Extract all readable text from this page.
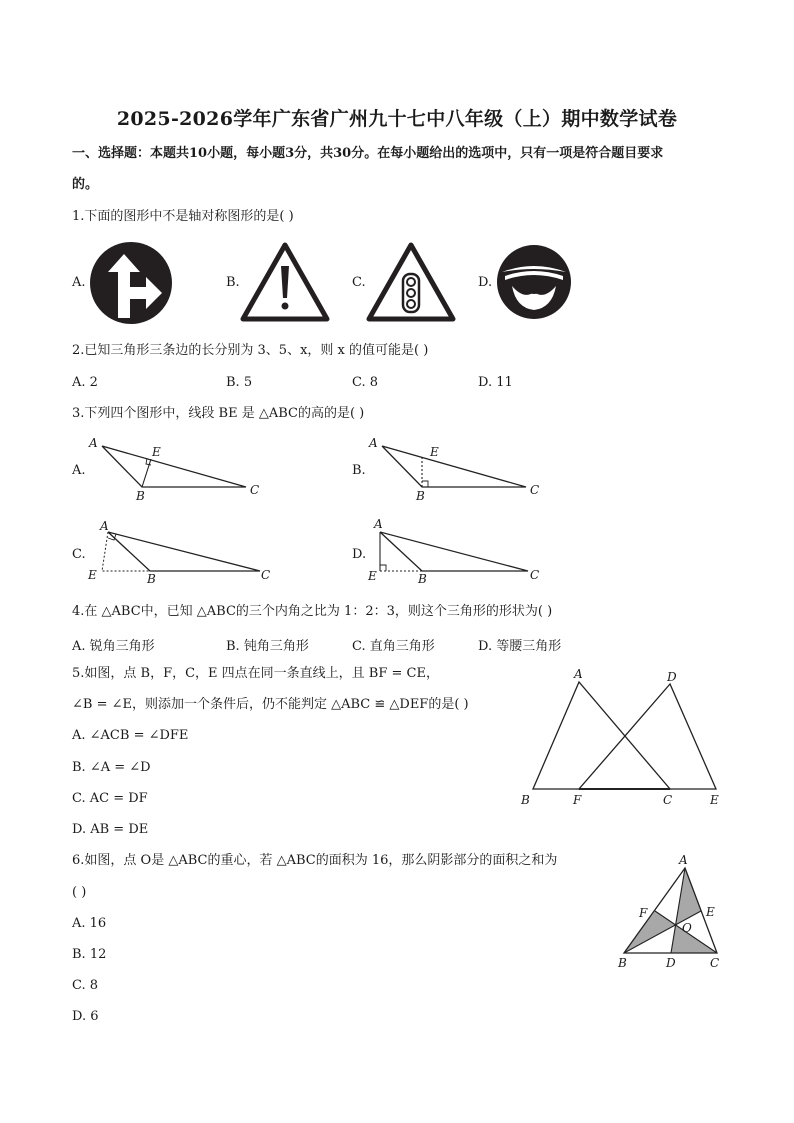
2025-2026学年广东省广州九十七中八年级（上）期中数学试卷
一、选择题：本题共10小题，每小题3分，共30分。在每小题给出的选项中，只有一项是符合题目要求
的。
1.下面的图形中不是轴对称图形的是( )
A.	B.	C.	D.
2.已知三角形三条边的长分别为 3、5、x，则 x 的值可能是( )
A. 2	B. 5	C. 8	D. 11
3.下列四个图形中，线段 BE 是 △ABC的高的是( )
A.	B.
C.	D.
A
E
B	C
A
E
B	C
A
E	B	C
A
E	B	C
4.在 △ABC中，已知 △ABC的三个内角之比为 1：2：3，则这个三角形的形状为( )
A. 锐角三角形	B. 钝角三角形	C. 直角三角形	D. 等腰三角形
5.如图，点 B，F，C，E 四点在同一条直线上，且 BF = CE，
∠B = ∠E，则添加一个条件后，仍不能判定 △ABC ≌ △DEF的是( )
A. ∠ACB = ∠DFE
B. ∠A = ∠D
C. AC = DF
D. AB = DE
A	D
B	F	C	E
6.如图，点 O是 △ABC的重心，若 △ABC的面积为 16，那么阴影部分的面积之和为
( )
A. 16
B. 12
C. 8
D. 6
A
F	E
O
B	D	C
